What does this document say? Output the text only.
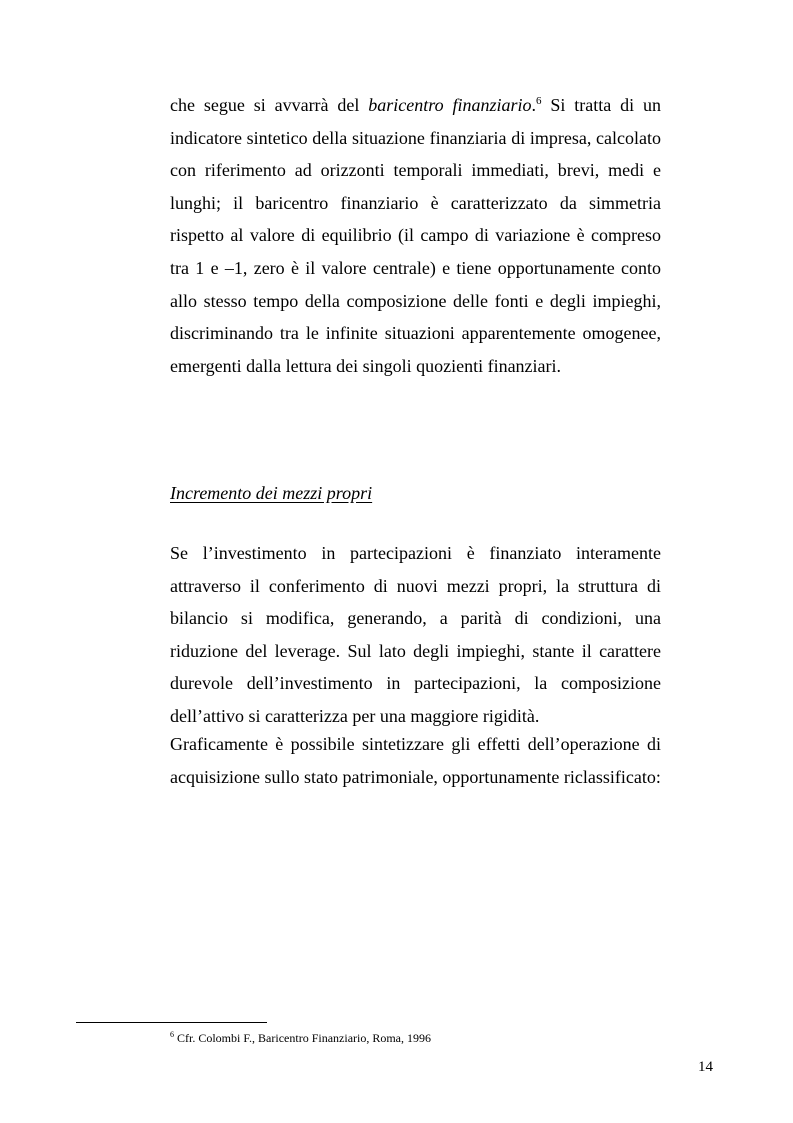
che segue si avvarrà del baricentro finanziario.$^6$ Si tratta di un indicatore sintetico della situazione finanziaria di impresa, calcolato con riferimento ad orizzonti temporali immediati, brevi, medi e lunghi; il baricentro finanziario è caratterizzato da simmetria rispetto al valore di equilibrio (il campo di variazione è compreso tra 1 e –1, zero è il valore centrale) e tiene opportunamente conto allo stesso tempo della composizione delle fonti e degli impieghi, discriminando tra le infinite situazioni apparentemente omogenee, emergenti dalla lettura dei singoli quozienti finanziari.

Incremento dei mezzi propri

Se l’investimento in partecipazioni è finanziato interamente attraverso il conferimento di nuovi mezzi propri, la struttura di bilancio si modifica, generando, a parità di condizioni, una riduzione del leverage. Sul lato degli impieghi, stante il carattere durevole dell’investimento in partecipazioni, la composizione dell’attivo si caratterizza per una maggiore rigidità.

Graficamente è possibile sintetizzare gli effetti dell’operazione di acquisizione sullo stato patrimoniale, opportunamente riclassificato:

$^6$ Cfr. Colombi F., Baricentro Finanziario, Roma, 1996
14
